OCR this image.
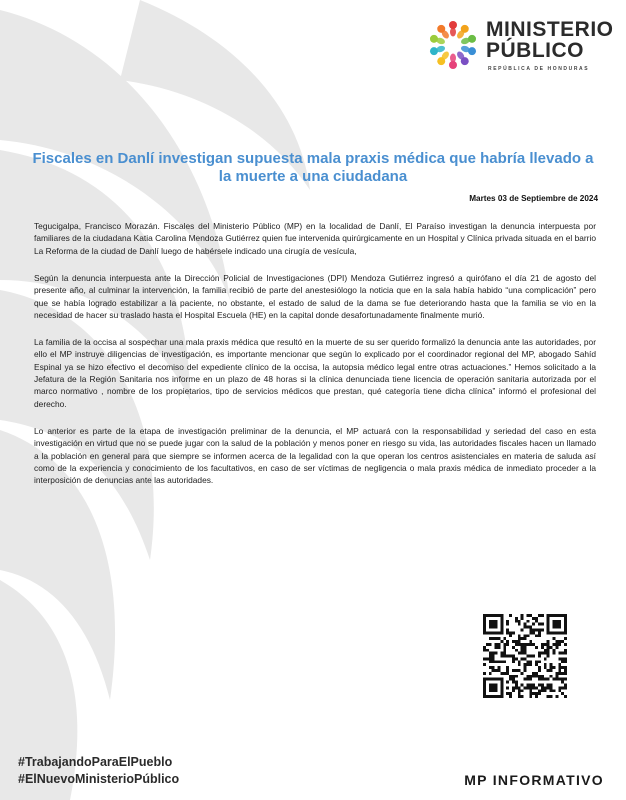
MINISTERIO
PÚBLICO
REPÚBLICA DE HONDURAS
Fiscales en Danlí investigan supuesta mala praxis médica que habría llevado a la muerte a una ciudadana
Martes 03 de Septiembre de 2024

Tegucigalpa, Francisco Morazán. Fiscales del Ministerio Público (MP) en la localidad de Danlí, El Paraíso investigan la denuncia interpuesta por familiares de la ciudadana Katia Carolina Mendoza Gutiérrez quien fue intervenida quirúrgicamente en un Hospital y Clínica privada situada en el barrio La Reforma de la ciudad de Danlí luego de habérsele indicado una cirugía de vesícula,

Según la denuncia interpuesta ante la Dirección Policial de Investigaciones (DPI) Mendoza Gutiérrez ingresó a quirófano el día 21 de agosto del presente año, al culminar la intervención, la familia recibió de parte del anestesiólogo la noticia que en la sala había habido “una complicación” pero que se había logrado estabilizar a la paciente, no obstante, el estado de salud de la dama se fue deteriorando hasta que la familia se vio en la necesidad de hacer su traslado hasta el Hospital Escuela (HE) en la capital donde desafortunadamente finalmente murió.

La familia de la occisa al sospechar una mala praxis médica que resultó en la muerte de su ser querido formalizó la denuncia ante las autoridades, por ello el MP instruye diligencias de investigación, es importante mencionar que según lo explicado por el coordinador regional del MP, abogado Sahíd Espinal ya se hizo efectivo el decomiso del expediente clínico de la occisa, la autopsia médico legal entre otras actuaciones.” Hemos solicitado a la Jefatura de la Región Sanitaria nos informe en un plazo de 48 horas si la clínica denunciada tiene licencia de operación sanitaria autorizada por el marco normativo , nombre de los propietarios, tipo de servicios médicos que prestan, qué categoría tiene dicha clínica” informó el profesional del derecho.

Lo anterior es parte de la etapa de investigación preliminar de la denuncia, el MP actuará con la responsabilidad y seriedad del caso en esta investigación en virtud que no se puede jugar con la salud de la población y menos poner en riesgo su vida, las autoridades fiscales hacen un llamado a la población en general para que siempre se informen acerca de la legalidad con la que operan los centros asistenciales en materia de saluda así como de la experiencia y conocimiento de los facultativos, en caso de ser víctimas de negligencia o mala praxis médica de inmediato proceder a la interposición de denuncias ante las autoridades.

#TrabajandoParaElPueblo
#ElNuevoMinisterioPúblico	MP INFORMATIVO
